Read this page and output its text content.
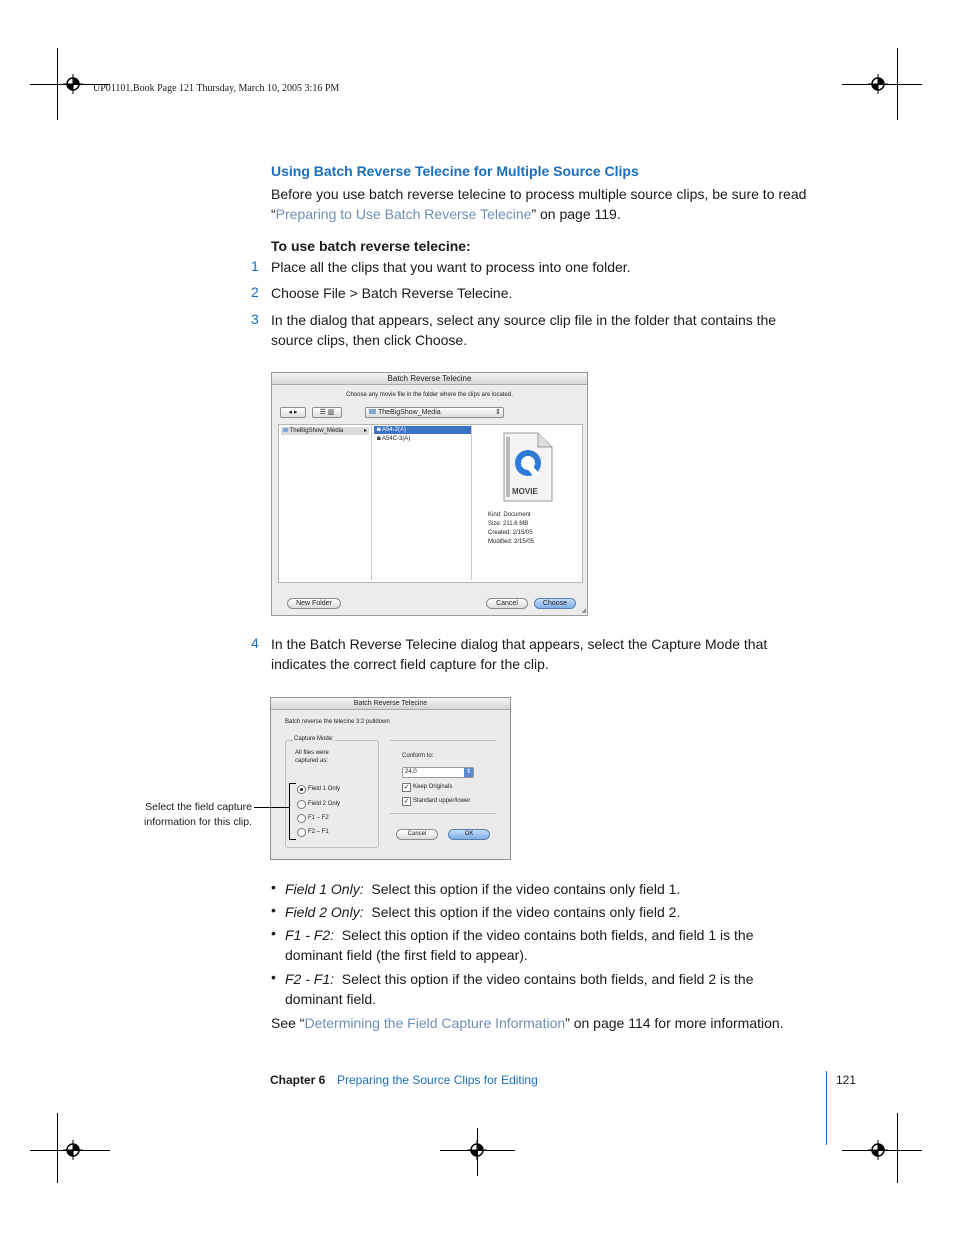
UP01101.Book Page 121 Thursday, March 10, 2005 3:16 PM
Using Batch Reverse Telecine for Multiple Source Clips
Before you use batch reverse telecine to process multiple source clips, be sure to read
“Preparing to Use Batch Reverse Telecine” on page 119.
To use batch reverse telecine:
1 Place all the clips that you want to process into one folder.
2 Choose File > Batch Reverse Telecine.
3 In the dialog that appears, select any source clip file in the folder that contains the source clips, then click Choose.
Batch Reverse Telecine
Choose any movie file in the folder where the clips are located.
◂ ▸	☰ ▥	TheBigShow_Media	⇕
TheBigShow_Media	▸	◙ A54-2(A)
◙ A54C-3(A)
MOVIE
Kind: Document
Size: 211.6 MB
Created: 2/15/05
Modified: 2/15/05
New Folder	Cancel	Choose
◢
4 In the Batch Reverse Telecine dialog that appears, select the Capture Mode that indicates the correct field capture for the clip.
Batch Reverse Telecine
Batch reverse the telecine 3:2 pulldown
Capture Mode:
All files were captured as:
Field 1 Only
Field 2 Only
F1 – F2
F2 – F1
Conform to:
24.0	⇕
✓ Keep Originals
✓ Standard upper/lower
Cancel	OK
Select the field capture
information for this clip.
• Field 1 Only: Select this option if the video contains only field 1.
• Field 2 Only: Select this option if the video contains only field 2.
• F1 - F2: Select this option if the video contains both fields, and field 1 is the dominant field (the first field to appear).
• F2 - F1: Select this option if the video contains both fields, and field 2 is the dominant field.
See “Determining the Field Capture Information” on page 114 for more information.
Chapter 6 Preparing the Source Clips for Editing	121
